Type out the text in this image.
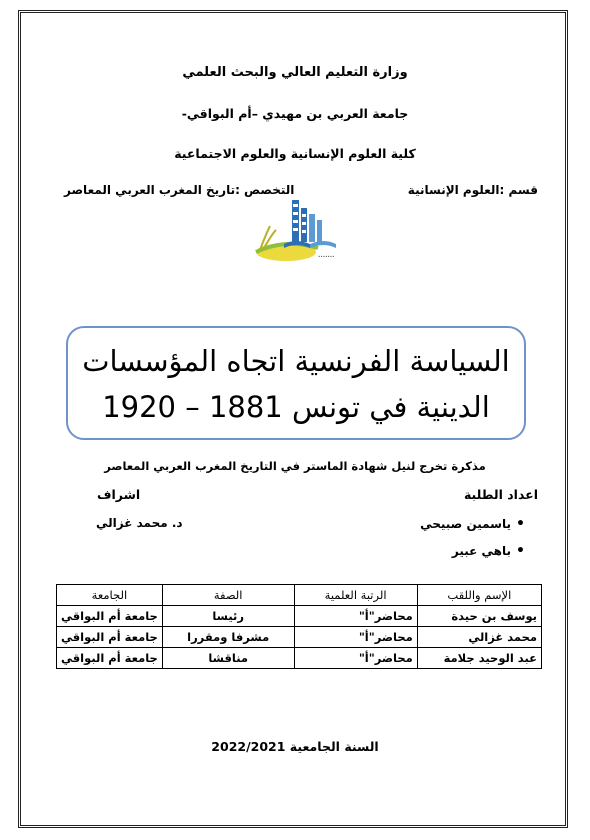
وزارة التعليم العالي والبحث العلمي
جامعة العربي بن مهيدي –أم البواقي-
كلية العلوم الإنسانية والعلوم الاجتماعية
قسم :العلوم الإنسانية
التخصص :تاريخ المغرب العربي المعاصر
•••••••
السياسة الفرنسية اتجاه المؤسسات
الدينية في تونس 1881 – 1920
مذكرة تخرج لنيل شهادة الماستر في التاريخ المغرب العربي المعاصر
اعداد الطلبة
اشراف
•
ياسمين صبيحي
•
باهي عبير
د. محمد غزالي
الإسم واللقب	الرتبة العلمية	الصفة	الجامعة
يوسف بن حيدة	محاضر"أ"	رئيسا	جامعة أم البواقي
محمد غزالي	محاضر"أ"	مشرفا ومقررا	جامعة أم البواقي
عبد الوحيد جلامة	محاضر"أ"	مناقشا	جامعة أم البواقي
السنة الجامعية 2022/2021
